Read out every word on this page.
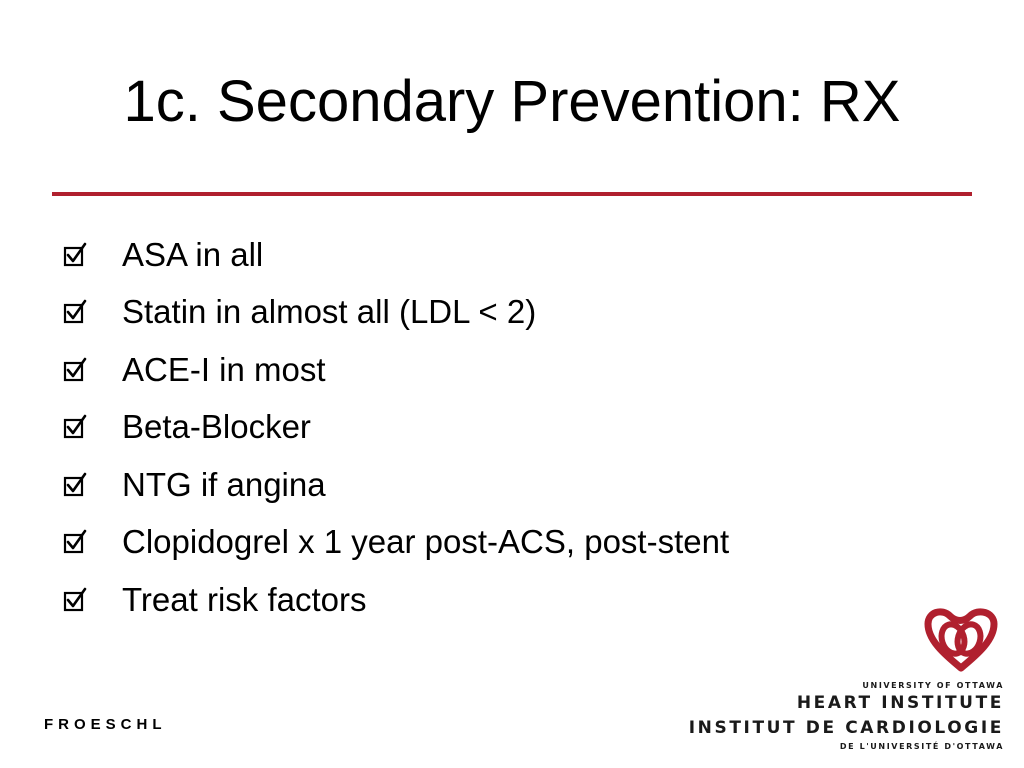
1c. Secondary Prevention: RX
ASA in all
Statin in almost all (LDL < 2)
ACE-I in most
Beta-Blocker
NTG if angina
Clopidogrel x 1 year post-ACS, post-stent
Treat risk factors
FROESCHL
UNIVERSITY OF OTTAWA
HEART INSTITUTE
INSTITUT DE CARDIOLOGIE
DE L'UNIVERSITÉ D'OTTAWA
